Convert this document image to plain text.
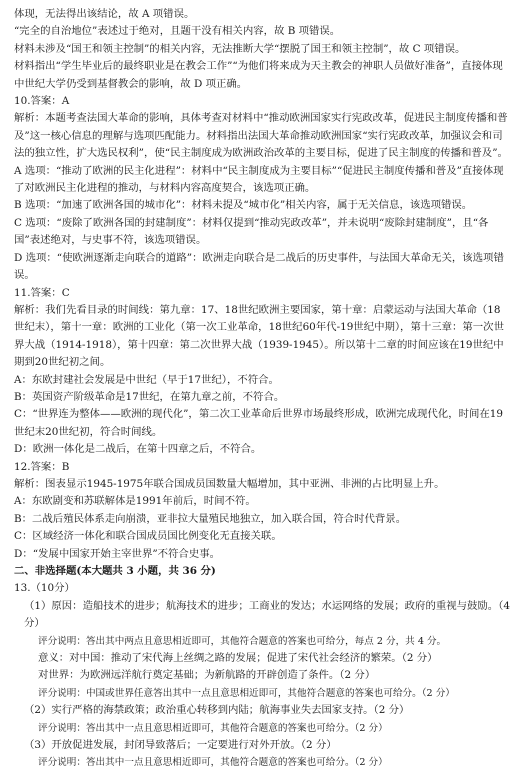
体现，无法得出该结论，故 A 项错误。

“完全的自治地位”表述过于绝对，且题干没有相关内容，故 B 项错误。

材料未涉及“国王和领主控制”的相关内容，无法推断大学“摆脱了国王和领主控制”，故 C 项错误。

材料指出“学生毕业后的最终职业是在教会工作”“为他们将来成为天主教会的神职人员做好准备”，直接体现中世纪大学仍受到基督教会的影响，故 D 项正确。

10.答案：A

解析：本题考查法国大革命的影响，具体考查对材料中“推动欧洲国家实行宪政改革，促进民主制度传播和普及”这一核心信息的理解与选项匹配能力。材料指出法国大革命推动欧洲国家“实行宪政改革，加强议会和司法的独立性，扩大选民权利”，使“民主制度成为欧洲政治改革的主要目标，促进了民主制度的传播和普及”。

A 选项：“推动了欧洲的民主化进程”：材料中“民主制度成为主要目标”“促进民主制度传播和普及”直接体现了对欧洲民主化进程的推动，与材料内容高度契合，该选项正确。

B 选项：“加速了欧洲各国的城市化”：材料未提及“城市化”相关内容，属于无关信息，该选项错误。

C 选项：“废除了欧洲各国的封建制度”：材料仅提到“推动宪政改革”，并未说明“废除封建制度”，且“各国”表述绝对，与史事不符，该选项错误。

D 选项：“使欧洲逐渐走向联合的道路”：欧洲走向联合是二战后的历史事件，与法国大革命无关，该选项错误。

11.答案：C

解析：我们先看目录的时间线：第九章：17、18世纪欧洲主要国家，第十章：启蒙运动与法国大革命（18世纪末），第十一章：欧洲的工业化（第一次工业革命，18世纪60年代-19世纪中期），第十三章：第一次世界大战（1914-1918），第十四章：第二次世界大战（1939-1945）。所以第十二章的时间应该在19世纪中期到20世纪初之间。

A：东欧封建社会发展是中世纪（早于17世纪），不符合。

B：英国资产阶级革命是17世纪，在第九章之前，不符合。

C：“世界连为整体——欧洲的现代化”，第二次工业革命后世界市场最终形成，欧洲完成现代化，时间在19世纪末20世纪初，符合时间线。

D：欧洲一体化是二战后，在第十四章之后，不符合。

12.答案：B

解析：图表显示1945-1975年联合国成员国数量大幅增加，其中亚洲、非洲的占比明显上升。

A：东欧剧变和苏联解体是1991年前后，时间不符。

B：二战后殖民体系走向崩溃，亚非拉大量殖民地独立，加入联合国，符合时代背景。

C：区域经济一体化和联合国成员国比例变化无直接关联。

D：“发展中国家开始主宰世界”不符合史事。

二、非选择题(本大题共 3 小题，共 36 分)

13.（10分）

（1）原因：造船技术的进步；航海技术的进步；工商业的发达；水运网络的发展；政府的重视与鼓励。（4分）

评分说明：答出其中两点且意思相近即可，其他符合题意的答案也可给分，每点 2 分，共 4 分。

意义：对中国：推动了宋代海上丝绸之路的发展；促进了宋代社会经济的繁荣。（2 分）

对世界：为欧洲远洋航行奠定基础；为新航路的开辟创造了条件。（2 分）

评分说明：中国或世界任意答出其中一点且意思相近即可，其他符合题意的答案也可给分。（2 分）

（2）实行严格的海禁政策；政治重心转移到内陆；航海事业失去国家支持。（2 分）

评分说明：答出其中一点且意思相近即可，其他符合题意的答案也可给分。（2 分）

（3）开放促进发展，封闭导致落后；一定要进行对外开放。（2 分）

评分说明：答出其中一点且意思相近即可，其他符合题意的答案也可给分。（2 分）
